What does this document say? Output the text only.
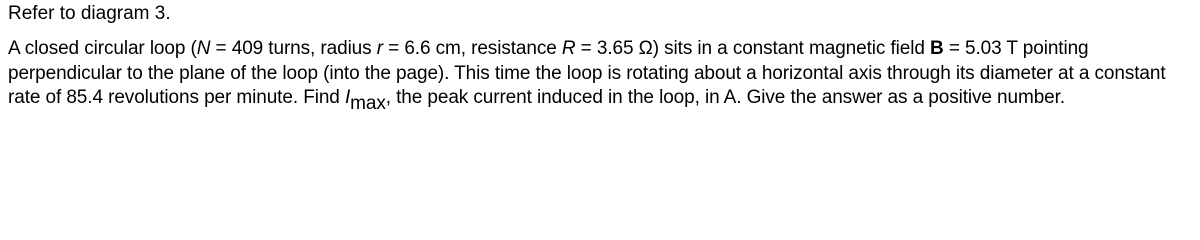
Refer to diagram 3.

A closed circular loop (N = 409 turns, radius r = 6.6 cm, resistance R = 3.65 Ω) sits in a constant magnetic field B = 5.03 T pointing perpendicular to the plane of the loop (into the page). This time the loop is rotating about a horizontal axis through its diameter at a constant rate of 85.4 revolutions per minute. Find $I_{max}$, the peak current induced in the loop, in A. Give the answer as a positive number.
